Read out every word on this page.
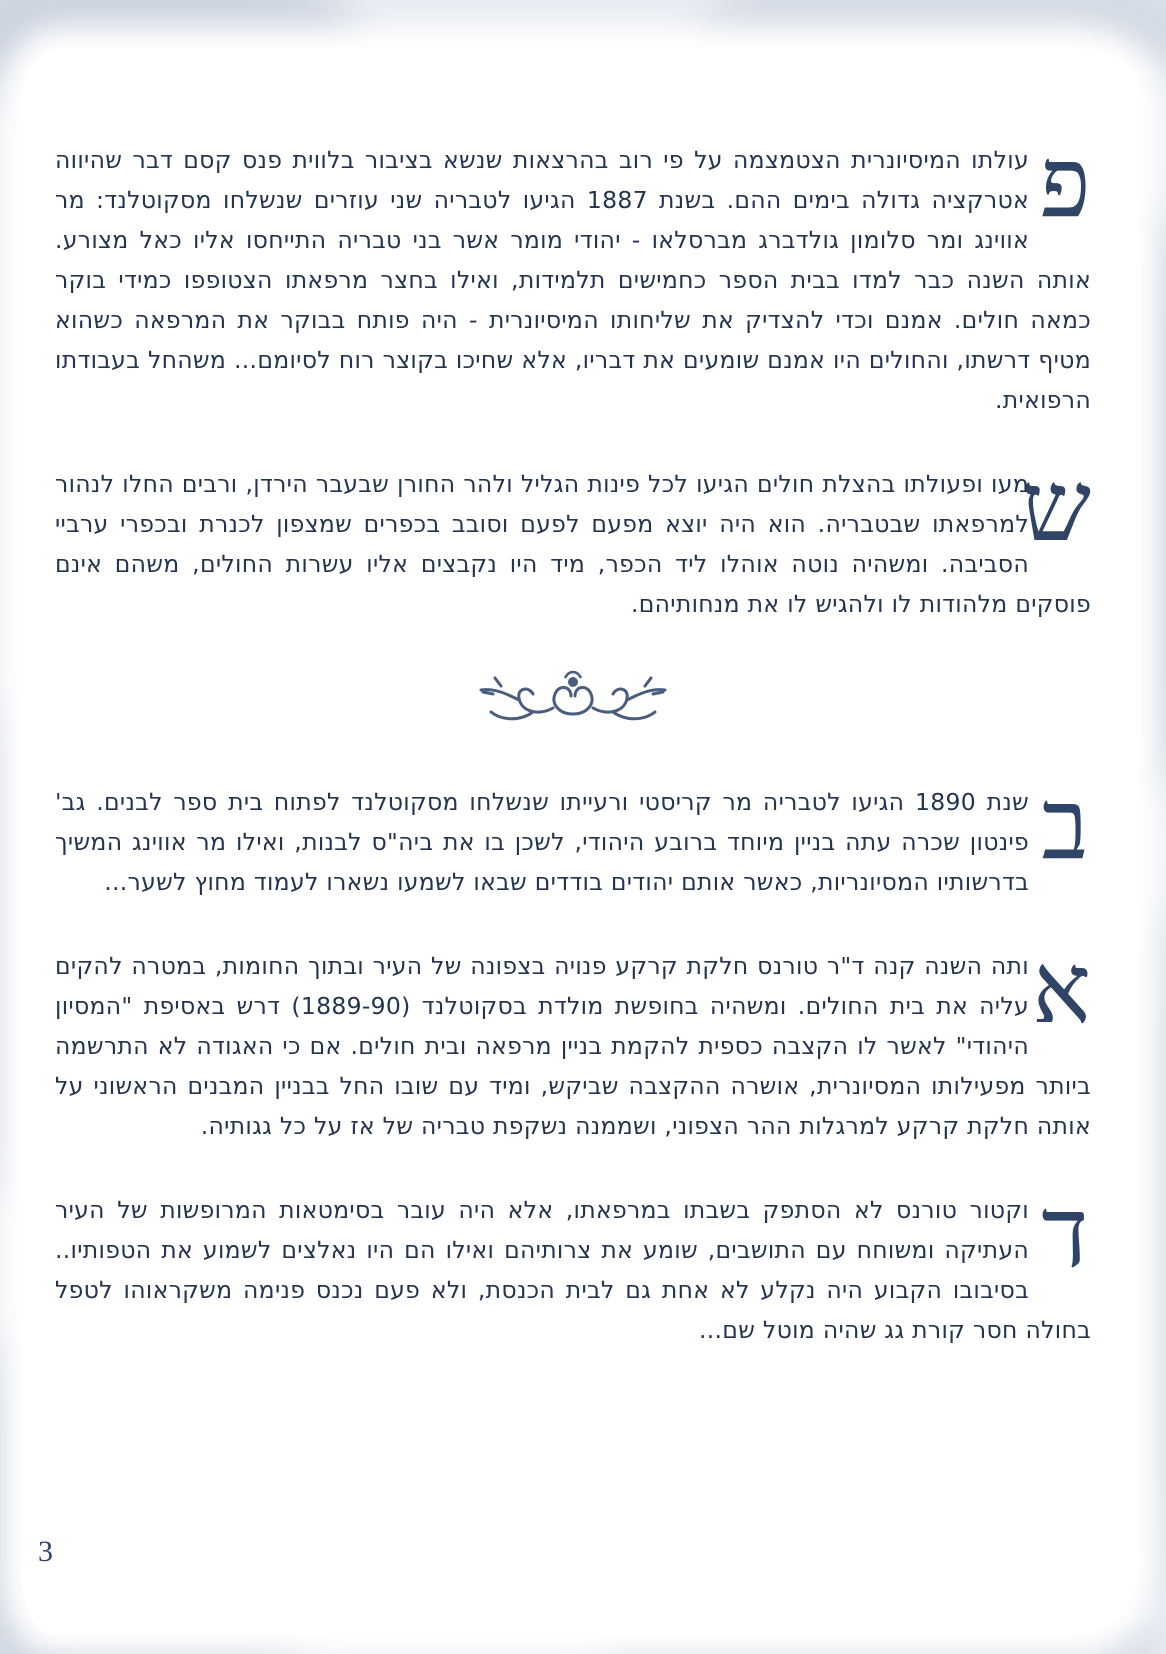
פ

עולתו המיסיונרית הצטמצמה על פי רוב בהרצאות שנשא בציבור בלווית פנס קסם דבר שהיווה אטרקציה גדולה בימים ההם. בשנת 1887 הגיעו לטבריה שני עוזרים שנשלחו מסקוטלנד: מר אווינג ומר סלומון גולדברג מברסלאו - יהודי מומר אשר בני טבריה התייחסו אליו כאל מצורע. אותה השנה כבר למדו בבית הספר כחמישים תלמידות, ואילו בחצר מרפאתו הצטופפו כמידי בוקר כמאה חולים. אמנם וכדי להצדיק את שליחותו המיסיונרית - היה פותח בבוקר את המרפאה כשהוא מטיף דרשתו, והחולים היו אמנם שומעים את דבריו, אלא שחיכו בקוצר רוח לסיומם... משהחל בעבודתו הרפואית.

ש

מעו ופעולתו בהצלת חולים הגיעו לכל פינות הגליל ולהר החורן שבעבר הירדן, ורבים החלו לנהור למרפאתו שבטבריה. הוא היה יוצא מפעם לפעם וסובב בכפרים שמצפון לכנרת ובכפרי ערביי הסביבה. ומשהיה נוטה אוהלו ליד הכפר, מיד היו נקבצים אליו עשרות החולים, משהם אינם פוסקים מלהודות לו ולהגיש לו את מנחותיהם.

ב

שנת 1890 הגיעו לטבריה מר קריסטי ורעייתו שנשלחו מסקוטלנד לפתוח בית ספר לבנים. גב' פינטון שכרה עתה בניין מיוחד ברובע היהודי, לשכן בו את ביה"ס לבנות, ואילו מר אווינג המשיך בדרשותיו המסיונריות, כאשר אותם יהודים בודדים שבאו לשמעו נשארו לעמוד מחוץ לשער...

א

ותה השנה קנה ד"ר טורנס חלקת קרקע פנויה בצפונה של העיר ובתוך החומות, במטרה להקים עליה את בית החולים. ומשהיה בחופשת מולדת בסקוטלנד (1889-90) דרש באסיפת "המסיון היהודי" לאשר לו הקצבה כספית להקמת בניין מרפאה ובית חולים. אם כי האגודה לא התרשמה ביותר מפעילותו המסיונרית, אושרה ההקצבה שביקש, ומיד עם שובו החל בבניין המבנים הראשוני על אותה חלקת קרקע למרגלות ההר הצפוני, ושממנה נשקפת טבריה של אז על כל גגותיה.

ד

וקטור טורנס לא הסתפק בשבתו במרפאתו, אלא היה עובר בסימטאות המרופשות של העיר העתיקה ומשוחח עם התושבים, שומע את צרותיהם ואילו הם היו נאלצים לשמוע את הטפותיו.. בסיבובו הקבוע היה נקלע לא אחת גם לבית הכנסת, ולא פעם נכנס פנימה משקראוהו לטפל בחולה חסר קורת גג שהיה מוטל שם...

3
